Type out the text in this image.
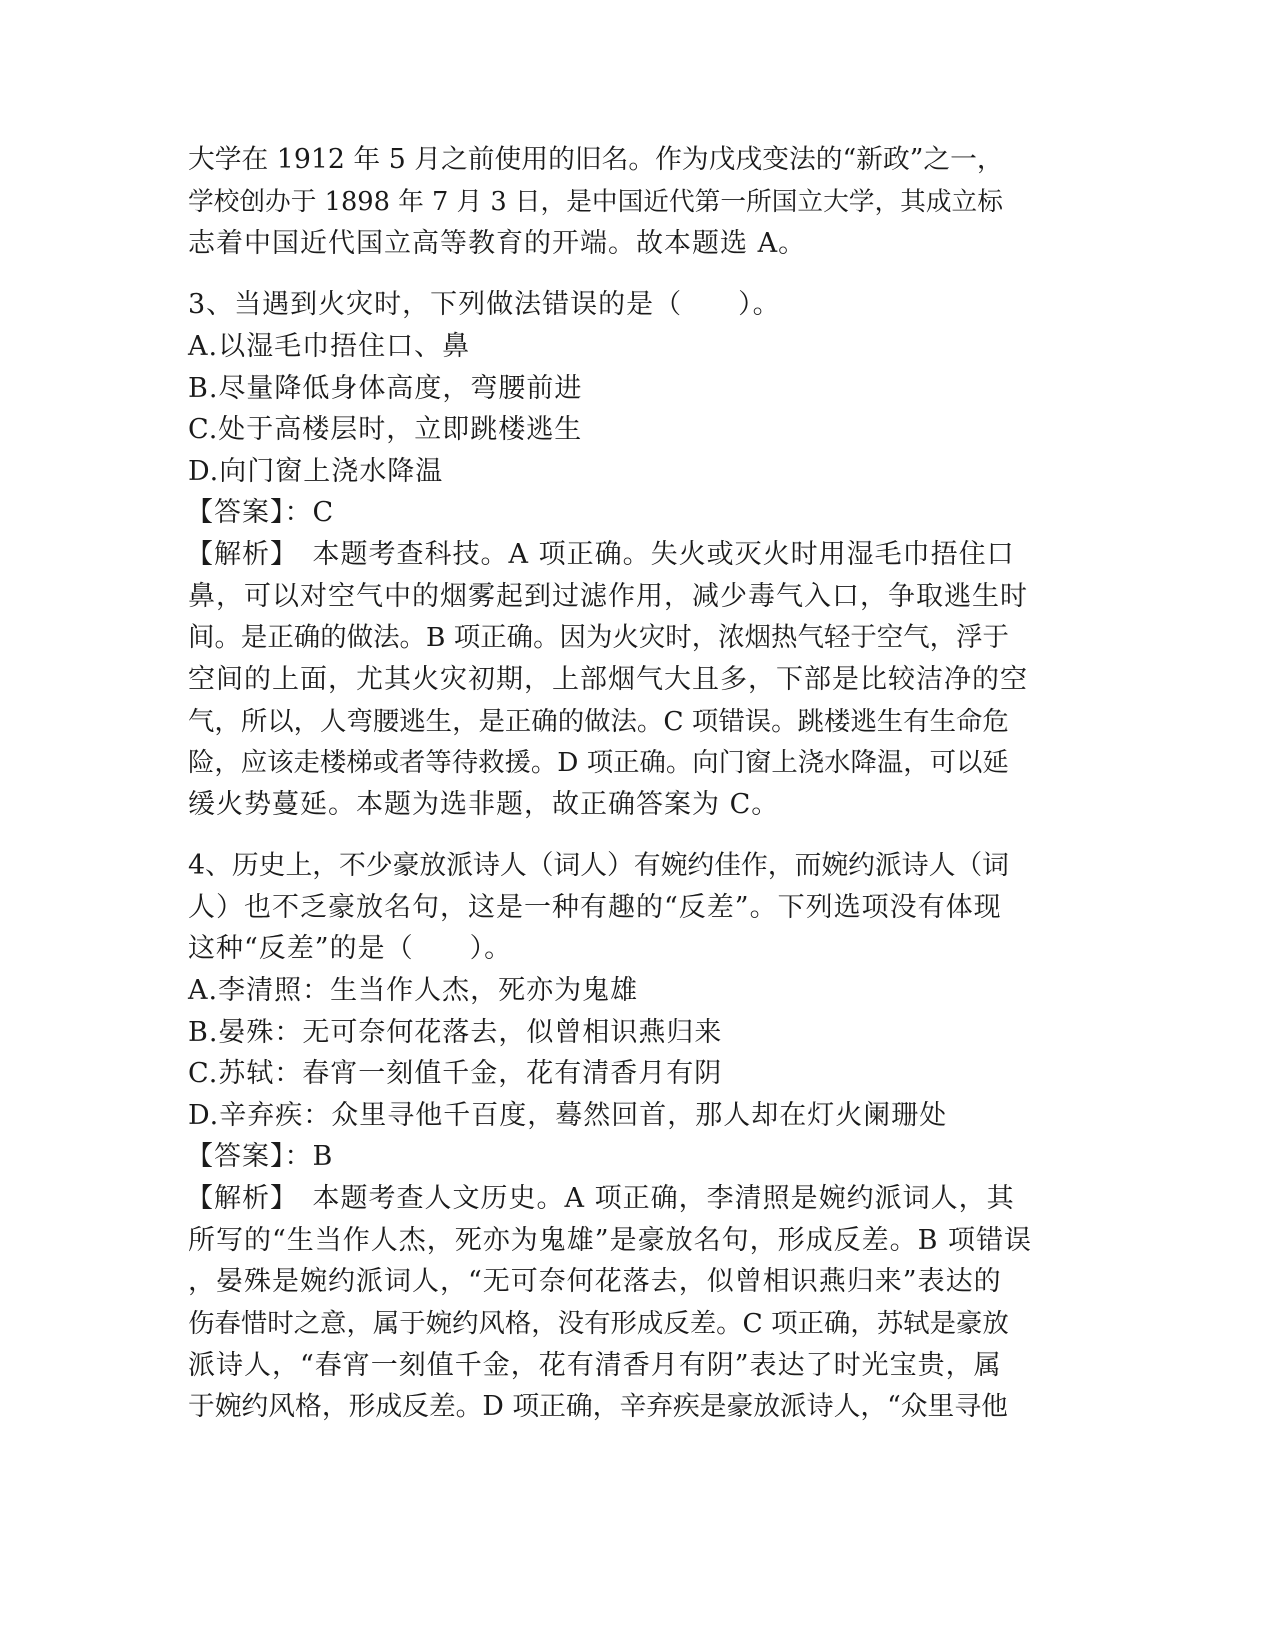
大学在 1912 年 5 月之前使用的旧名。作为戊戌变法的“新政”之一，
学校创办于 1898 年 7 月 3 日，是中国近代第一所国立大学，其成立标
志着中国近代国立高等教育的开端。故本题选 A。
3、当遇到火灾时，下列做法错误的是（　　）。
A.以湿毛巾捂住口、鼻
B.尽量降低身体高度，弯腰前进
C.处于高楼层时，立即跳楼逃生
D.向门窗上浇水降温
【答案】：C
【解析】　本题考查科技。A 项正确。失火或灭火时用湿毛巾捂住口
鼻，可以对空气中的烟雾起到过滤作用，减少毒气入口，争取逃生时
间。是正确的做法。B 项正确。因为火灾时，浓烟热气轻于空气，浮于
空间的上面，尤其火灾初期，上部烟气大且多，下部是比较洁净的空
气，所以，人弯腰逃生，是正确的做法。C 项错误。跳楼逃生有生命危
险，应该走楼梯或者等待救援。D 项正确。向门窗上浇水降温，可以延
缓火势蔓延。本题为选非题，故正确答案为 C。
4、历史上，不少豪放派诗人（词人）有婉约佳作，而婉约派诗人（词
人）也不乏豪放名句，这是一种有趣的“反差”。下列选项没有体现
这种“反差”的是（　　）。
A.李清照：生当作人杰，死亦为鬼雄
B.晏殊：无可奈何花落去，似曾相识燕归来
C.苏轼：春宵一刻值千金，花有清香月有阴
D.辛弃疾：众里寻他千百度，蓦然回首，那人却在灯火阑珊处
【答案】：B
【解析】　本题考查人文历史。A 项正确，李清照是婉约派词人，其
所写的“生当作人杰，死亦为鬼雄”是豪放名句，形成反差。B 项错误
，晏殊是婉约派词人，“无可奈何花落去，似曾相识燕归来”表达的
伤春惜时之意，属于婉约风格，没有形成反差。C 项正确，苏轼是豪放
派诗人，“春宵一刻值千金，花有清香月有阴”表达了时光宝贵，属
于婉约风格，形成反差。D 项正确，辛弃疾是豪放派诗人，“众里寻他
